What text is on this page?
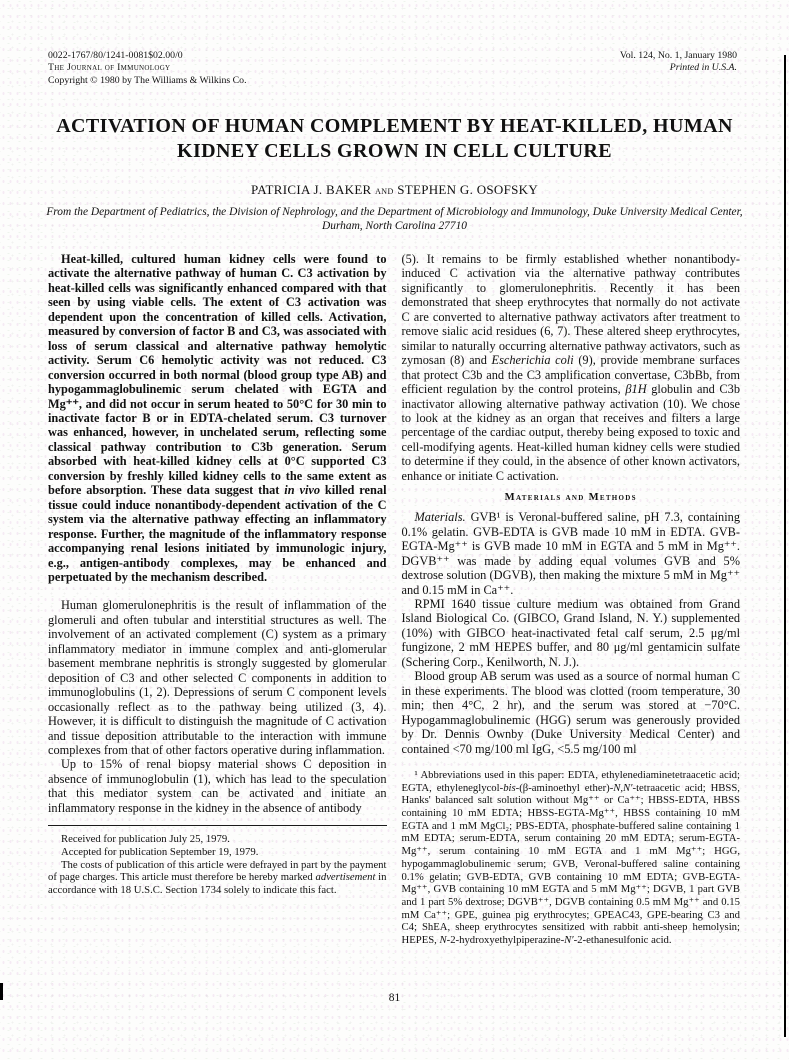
0022-1767/80/1241-0081$02.00/0
The Journal of Immunology
Copyright © 1980 by The Williams & Wilkins Co.
Vol. 124, No. 1, January 1980
Printed in U.S.A.
ACTIVATION OF HUMAN COMPLEMENT BY HEAT-KILLED, HUMAN
KIDNEY CELLS GROWN IN CELL CULTURE
PATRICIA J. BAKER and STEPHEN G. OSOFSKY
From the Department of Pediatrics, the Division of Nephrology, and the Department of Microbiology and Immunology, Duke University Medical Center, Durham, North Carolina 27710

Heat-killed, cultured human kidney cells were found to activate the alternative pathway of human C. C3 activation by heat-killed cells was significantly enhanced compared with that seen by using viable cells. The extent of C3 activation was dependent upon the concentration of killed cells. Activation, measured by conversion of factor B and C3, was associated with loss of serum classical and alternative pathway hemolytic activity. Serum C6 hemolytic activity was not reduced. C3 conversion occurred in both normal (blood group type AB) and hypogammaglobulinemic serum chelated with EGTA and Mg⁺⁺, and did not occur in serum heated to 50°C for 30 min to inactivate factor B or in EDTA-chelated serum. C3 turnover was enhanced, however, in unchelated serum, reflecting some classical pathway contribution to C3b generation. Serum absorbed with heat-killed kidney cells at 0°C supported C3 conversion by freshly killed kidney cells to the same extent as before absorption. These data suggest that in vivo killed renal tissue could induce nonantibody-dependent activation of the C system via the alternative pathway effecting an inflammatory response. Further, the magnitude of the inflammatory response accompanying renal lesions initiated by immunologic injury, e.g., antigen-antibody complexes, may be enhanced and perpetuated by the mechanism described.

Human glomerulonephritis is the result of inflammation of the glomeruli and often tubular and interstitial structures as well. The involvement of an activated complement (C) system as a primary inflammatory mediator in immune complex and anti-glomerular basement membrane nephritis is strongly suggested by glomerular deposition of C3 and other selected C components in addition to immunoglobulins (1, 2). Depressions of serum C component levels occasionally reflect as to the pathway being utilized (3, 4). However, it is difficult to distinguish the magnitude of C activation and tissue deposition attributable to the interaction with immune complexes from that of other factors operative during inflammation.

Up to 15% of renal biopsy material shows C deposition in absence of immunoglobulin (1), which has lead to the speculation that this mediator system can be activated and initiate an inflammatory response in the kidney in the absence of antibody

Received for publication July 25, 1979.

Accepted for publication September 19, 1979.

The costs of publication of this article were defrayed in part by the payment of page charges. This article must therefore be hereby marked advertisement in accordance with 18 U.S.C. Section 1734 solely to indicate this fact.

(5). It remains to be firmly established whether nonantibody-induced C activation via the alternative pathway contributes significantly to glomerulonephritis. Recently it has been demonstrated that sheep erythrocytes that normally do not activate C are converted to alternative pathway activators after treatment to remove sialic acid residues (6, 7). These altered sheep erythrocytes, similar to naturally occurring alternative pathway activators, such as zymosan (8) and Escherichia coli (9), provide membrane surfaces that protect C3b and the C3 amplification convertase, C3bBb, from efficient regulation by the control proteins, β1H globulin and C3b inactivator allowing alternative pathway activation (10). We chose to look at the kidney as an organ that receives and filters a large percentage of the cardiac output, thereby being exposed to toxic and cell-modifying agents. Heat-killed human kidney cells were studied to determine if they could, in the absence of other known activators, enhance or initiate C activation.

Materials and Methods

Materials. GVB¹ is Veronal-buffered saline, pH 7.3, containing 0.1% gelatin. GVB-EDTA is GVB made 10 mM in EDTA. GVB-EGTA-Mg⁺⁺ is GVB made 10 mM in EGTA and 5 mM in Mg⁺⁺. DGVB⁺⁺ was made by adding equal volumes GVB and 5% dextrose solution (DGVB), then making the mixture 5 mM in Mg⁺⁺ and 0.15 mM in Ca⁺⁺.

RPMI 1640 tissue culture medium was obtained from Grand Island Biological Co. (GIBCO, Grand Island, N. Y.) supplemented (10%) with GIBCO heat-inactivated fetal calf serum, 2.5 μg/ml fungizone, 2 mM HEPES buffer, and 80 μg/ml gentamicin sulfate (Schering Corp., Kenilworth, N. J.).

Blood group AB serum was used as a source of normal human C in these experiments. The blood was clotted (room temperature, 30 min; then 4°C, 2 hr), and the serum was stored at −70°C. Hypogammaglobulinemic (HGG) serum was generously provided by Dr. Dennis Ownby (Duke University Medical Center) and contained <70 mg/100 ml IgG, <5.5 mg/100 ml

¹ Abbreviations used in this paper: EDTA, ethylenediaminetetraacetic acid; EGTA, ethyleneglycol-bis-(β-aminoethyl ether)-N,N′-tetraacetic acid; HBSS, Hanks' balanced salt solution without Mg⁺⁺ or Ca⁺⁺; HBSS-EDTA, HBSS containing 10 mM EDTA; HBSS-EGTA-Mg⁺⁺, HBSS containing 10 mM EGTA and 1 mM MgCl₂; PBS-EDTA, phosphate-buffered saline containing 1 mM EDTA; serum-EDTA, serum containing 20 mM EDTA; serum-EGTA-Mg⁺⁺, serum containing 10 mM EGTA and 1 mM Mg⁺⁺; HGG, hypogammaglobulinemic serum; GVB, Veronal-buffered saline containing 0.1% gelatin; GVB-EDTA, GVB containing 10 mM EDTA; GVB-EGTA-Mg⁺⁺, GVB containing 10 mM EGTA and 5 mM Mg⁺⁺; DGVB, 1 part GVB and 1 part 5% dextrose; DGVB⁺⁺, DGVB containing 0.5 mM Mg⁺⁺ and 0.15 mM Ca⁺⁺; GPE, guinea pig erythrocytes; GPEAC43, GPE-bearing C3 and C4; ShEA, sheep erythrocytes sensitized with rabbit anti-sheep hemolysin; HEPES, N-2-hydroxyethylpiperazine-N′-2-ethanesulfonic acid.

81
